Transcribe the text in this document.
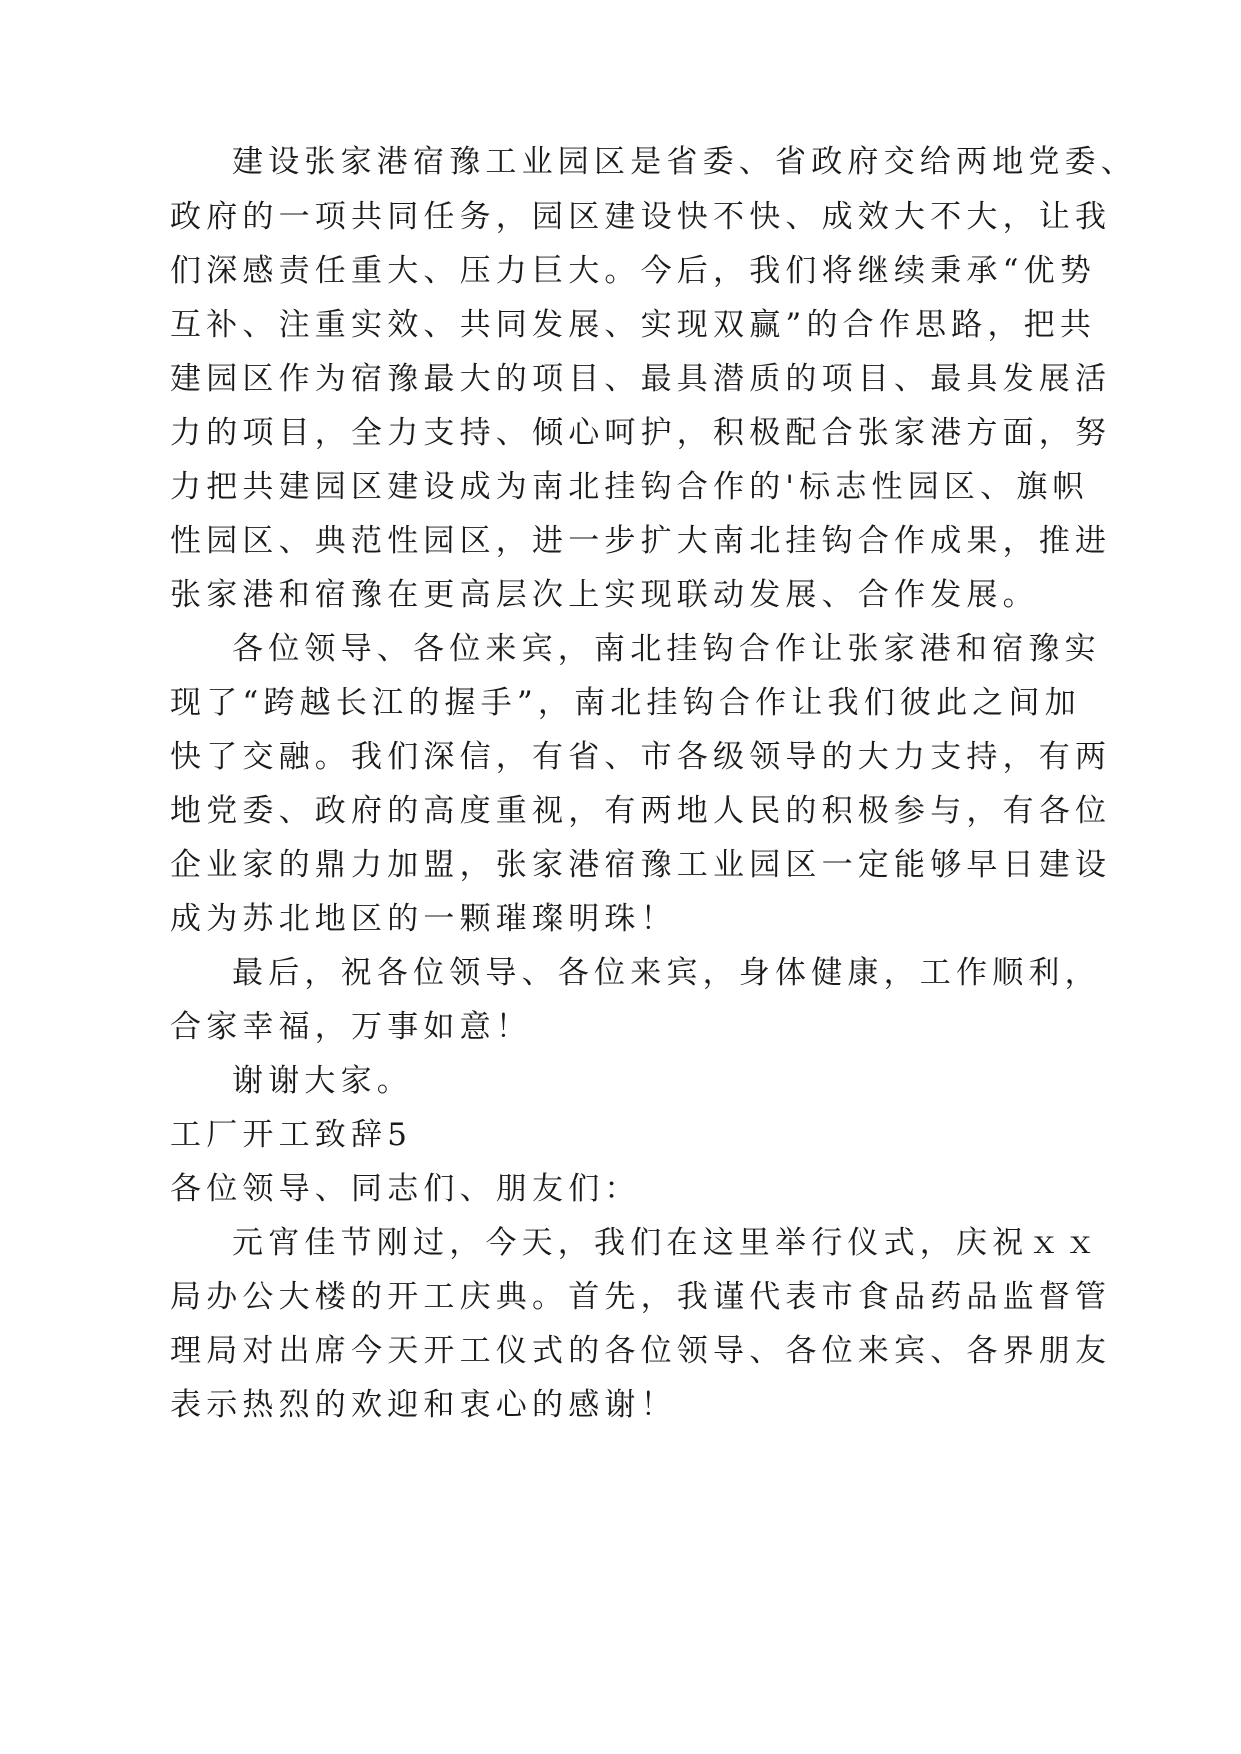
建设张家港宿豫工业园区是省委、省政府交给两地党委、
政府的一项共同任务，园区建设快不快、成效大不大，让我
们深感责任重大、压力巨大。今后，我们将继续秉承“优势
互补、注重实效、共同发展、实现双赢”的合作思路，把共
建园区作为宿豫最大的项目、最具潜质的项目、最具发展活
力的项目，全力支持、倾心呵护，积极配合张家港方面，努
力把共建园区建设成为南北挂钩合作的'标志性园区、旗帜
性园区、典范性园区，进一步扩大南北挂钩合作成果，推进
张家港和宿豫在更高层次上实现联动发展、合作发展。
各位领导、各位来宾，南北挂钩合作让张家港和宿豫实
现了“跨越长江的握手”，南北挂钩合作让我们彼此之间加
快了交融。我们深信，有省、市各级领导的大力支持，有两
地党委、政府的高度重视，有两地人民的积极参与，有各位
企业家的鼎力加盟，张家港宿豫工业园区一定能够早日建设
成为苏北地区的一颗璀璨明珠！
最后，祝各位领导、各位来宾，身体健康，工作顺利，
合家幸福，万事如意！
谢谢大家。
工厂开工致辞5
各位领导、同志们、朋友们：
元宵佳节刚过，今天，我们在这里举行仪式，庆祝ｘｘ
局办公大楼的开工庆典。首先，我谨代表市食品药品监督管
理局对出席今天开工仪式的各位领导、各位来宾、各界朋友
表示热烈的欢迎和衷心的感谢！
